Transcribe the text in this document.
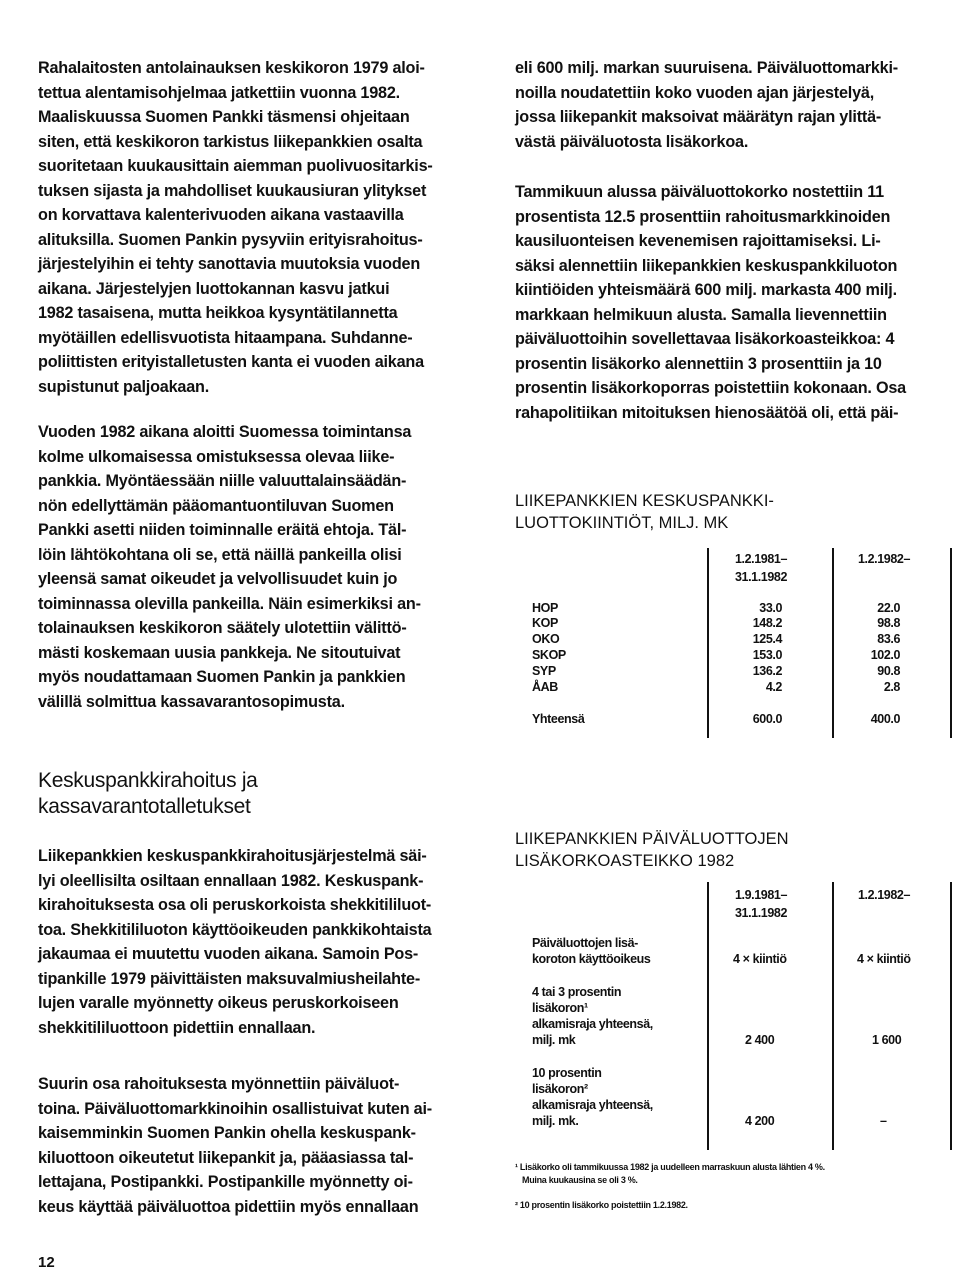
Rahalaitosten antolainauksen keskikoron 1979 aloi-
tettua alentamisohjelmaa jatkettiin vuonna 1982.
Maaliskuussa Suomen Pankki täsmensi ohjeitaan
siten, että keskikoron tarkistus liikepankkien osalta
suoritetaan kuukausittain aiemman puolivuositarkis-
tuksen sijasta ja mahdolliset kuukausiuran ylitykset
on korvattava kalenterivuoden aikana vastaavilla
alituksilla. Suomen Pankin pysyviin erityisrahoitus-
järjestelyihin ei tehty sanottavia muutoksia vuoden
aikana. Järjestelyjen luottokannan kasvu jatkui
1982 tasaisena, mutta heikkoa kysyntätilannetta
myötäillen edellisvuotista hitaampana. Suhdanne-
poliittisten erityistalletusten kanta ei vuoden aikana
supistunut paljoakaan.

Vuoden 1982 aikana aloitti Suomessa toimintansa
kolme ulkomaisessa omistuksessa olevaa liike-
pankkia. Myöntäessään niille valuuttalainsäädän-
nön edellyttämän pääomantuontiluvan Suomen
Pankki asetti niiden toiminnalle eräitä ehtoja. Täl-
löin lähtökohtana oli se, että näillä pankeilla olisi
yleensä samat oikeudet ja velvollisuudet kuin jo
toiminnassa olevilla pankeilla. Näin esimerkiksi an-
tolainauksen keskikoron säätely ulotettiin välittö-
mästi koskemaan uusia pankkeja. Ne sitoutuivat
myös noudattamaan Suomen Pankin ja pankkien
välillä solmittua kassavarantosopimusta.

Keskuspankkirahoitus ja
kassavarantotalletukset

Liikepankkien keskuspankkirahoitusjärjestelmä säi-
lyi oleellisilta osiltaan ennallaan 1982. Keskuspank-
kirahoituksesta osa oli peruskorkoista shekkitililuot-
toa. Shekkitililuoton käyttöoikeuden pankkikohtaista
jakaumaa ei muutettu vuoden aikana. Samoin Pos-
tipankille 1979 päivittäisten maksuvalmiusheilahte-
lujen varalle myönnetty oikeus peruskorkoiseen
shekkitililuottoon pidettiin ennallaan.

Suurin osa rahoituksesta myönnettiin päiväluot-
toina. Päiväluottomarkkinoihin osallistuivat kuten ai-
kaisemminkin Suomen Pankin ohella keskuspank-
kiluottoon oikeutetut liikepankit ja, pääasiassa tal-
lettajana, Postipankki. Postipankille myönnetty oi-
keus käyttää päiväluottoa pidettiin myös ennallaan

eli 600 milj. markan suuruisena. Päiväluottomarkki-
noilla noudatettiin koko vuoden ajan järjestelyä,
jossa liikepankit maksoivat määrätyn rajan ylittä-
västä päiväluotosta lisäkorkoa.

Tammikuun alussa päiväluottokorko nostettiin 11
prosentista 12.5 prosenttiin rahoitusmarkkinoiden
kausiluonteisen kevenemisen rajoittamiseksi. Li-
säksi alennettiin liikepankkien keskuspankkiluoton
kiintiöiden yhteismäärä 600 milj. markasta 400 milj.
markkaan helmikuun alusta. Samalla lievennettiin
päiväluottoihin sovellettavaa lisäkorkoasteikkoa: 4
prosentin lisäkorko alennettiin 3 prosenttiin ja 10
prosentin lisäkorkoporras poistettiin kokonaan. Osa
rahapolitiikan mitoituksen hienosäätöä oli, että päi-

LIIKEPANKKIEN KESKUSPANKKI-
LUOTTOKIINTIÖT, MILJ. MK
1.2.1981–
31.1.1982
1.2.1982–
HOP	33.0	22.0
KOP	148.2	98.8
OKO	125.4	83.6
SKOP	153.0	102.0
SYP	136.2	90.8
ÅAB	4.2	2.8
Yhteensä	600.0	400.0
LIIKEPANKKIEN PÄIVÄLUOTTOJEN
LISÄKORKOASTEIKKO 1982
1.9.1981–
31.1.1982
1.2.1982–
Päiväluottojen lisä-
koroton käyttöoikeus	4 × kiintiö	4 × kiintiö
4 tai 3 prosentin
lisäkoron¹
alkamisraja yhteensä,
milj. mk	2 400	1 600
10 prosentin
lisäkoron²
alkamisraja yhteensä,
milj. mk.	4 200	–
¹ Lisäkorko oli tammikuussa 1982 ja uudelleen marraskuun alusta lähtien 4 %.
Muina kuukausina se oli 3 %.
² 10 prosentin lisäkorko poistettiin 1.2.1982.
12
